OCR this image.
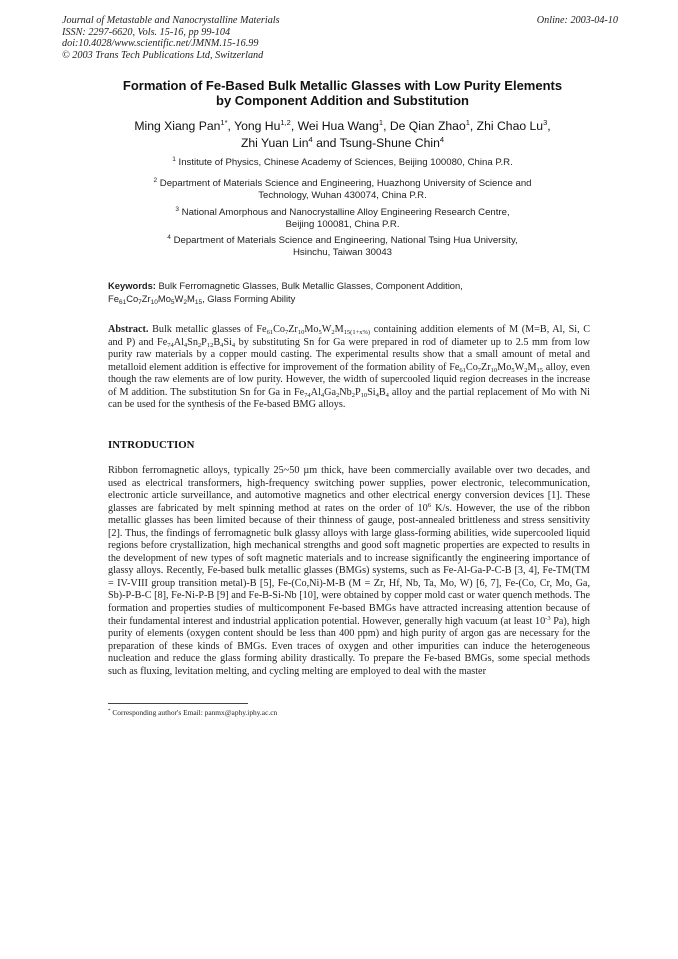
Journal of Metastable and Nanocrystalline Materials
ISSN: 2297-6620, Vols. 15-16, pp 99-104
doi:10.4028/www.scientific.net/JMNM.15-16.99
© 2003 Trans Tech Publications Ltd, Switzerland
Online: 2003-04-10
Formation of Fe-Based Bulk Metallic Glasses with Low Purity Elements
by Component Addition and Substitution
Ming Xiang Pan$^{1*}$, Yong Hu$^{1,2}$, Wei Hua Wang$^1$, De Qian Zhao$^1$, Zhi Chao Lu$^3$,
Zhi Yuan Lin$^4$ and Tsung-Shune Chin$^4$
$^1$ Institute of Physics, Chinese Academy of Sciences, Beijing 100080, China P.R.
$^2$ Department of Materials Science and Engineering, Huazhong University of Science and
Technology, Wuhan 430074, China P.R.
$^3$ National Amorphous and Nanocrystalline Alloy Engineering Research Centre,
Beijing 100081, China P.R.
$^4$ Department of Materials Science and Engineering, National Tsing Hua University,
Hsinchu, Taiwan 30043
Keywords: Bulk Ferromagnetic Glasses, Bulk Metallic Glasses, Component Addition,
$Fe_{61}Co_7Zr_{10}Mo_5W_2M_{15}$, Glass Forming Ability
Abstract. Bulk metallic glasses of $Fe_{61}Co_7Zr_{10}Mo_5W_2M_{15(1+x\%)}$ containing addition elements of M (M=B, Al, Si, C and P) and $Fe_{74}Al_4Sn_2P_{12}B_4Si_4$ by substituting Sn for Ga were prepared in rod of diameter up to 2.5 mm from low purity raw materials by a copper mould casting. The experimental results show that a small amount of metal and metalloid element addition is effective for improvement of the formation ability of $Fe_{61}Co_7Zr_{10}Mo_5W_2M_{15}$ alloy, even though the raw elements are of low purity. However, the width of supercooled liquid region decreases in the increase of M addition. The substitution Sn for Ga in $Fe_{74}Al_4Ga_2Nb_2P_{10}Si_4B_4$ alloy and the partial replacement of Mo with Ni can be used for the synthesis of the Fe-based BMG alloys.
INTRODUCTION
Ribbon ferromagnetic alloys, typically 25~50 µm thick, have been commercially available over two decades, and used as electrical transformers, high-frequency switching power supplies, power electronic, telecommunication, electronic article surveillance, and automotive magnetics and other electrical energy conversion devices [1]. These glasses are fabricated by melt spinning method at rates on the order of $10^6$ K/s. However, the use of the ribbon metallic glasses has been limited because of their thinness of gauge, post-annealed brittleness and stress sensitivity [2]. Thus, the findings of ferromagnetic bulk glassy alloys with large glass-forming abilities, wide supercooled liquid regions before crystallization, high mechanical strengths and good soft magnetic properties are expected to results in the development of new types of soft magnetic materials and to increase significantly the engineering importance of glassy alloys. Recently, Fe-based bulk metallic glasses (BMGs) systems, such as Fe-Al-Ga-P-C-B [3, 4], Fe-TM(TM = IV-VIII group transition metal)-B [5], Fe-(Co,Ni)-M-B (M = Zr, Hf, Nb, Ta, Mo, W) [6, 7], Fe-(Co, Cr, Mo, Ga, Sb)-P-B-C [8], Fe-Ni-P-B [9] and Fe-B-Si-Nb [10], were obtained by copper mold cast or water quench methods. The formation and properties studies of multicomponent Fe-based BMGs have attracted increasing attention because of their fundamental interest and industrial application potential. However, generally high vacuum (at least $10^{-3}$ Pa), high purity of elements (oxygen content should be less than 400 ppm) and high purity of argon gas are necessary for the preparation of these kinds of BMGs. Even traces of oxygen and other impurities can induce the heterogeneous nucleation and reduce the glass forming ability drastically. To prepare the Fe-based BMGs, some special methods such as fluxing, levitation melting, and cycling melting are employed to deal with the master
* Corresponding author's Email: panmx@aphy.iphy.ac.cn
